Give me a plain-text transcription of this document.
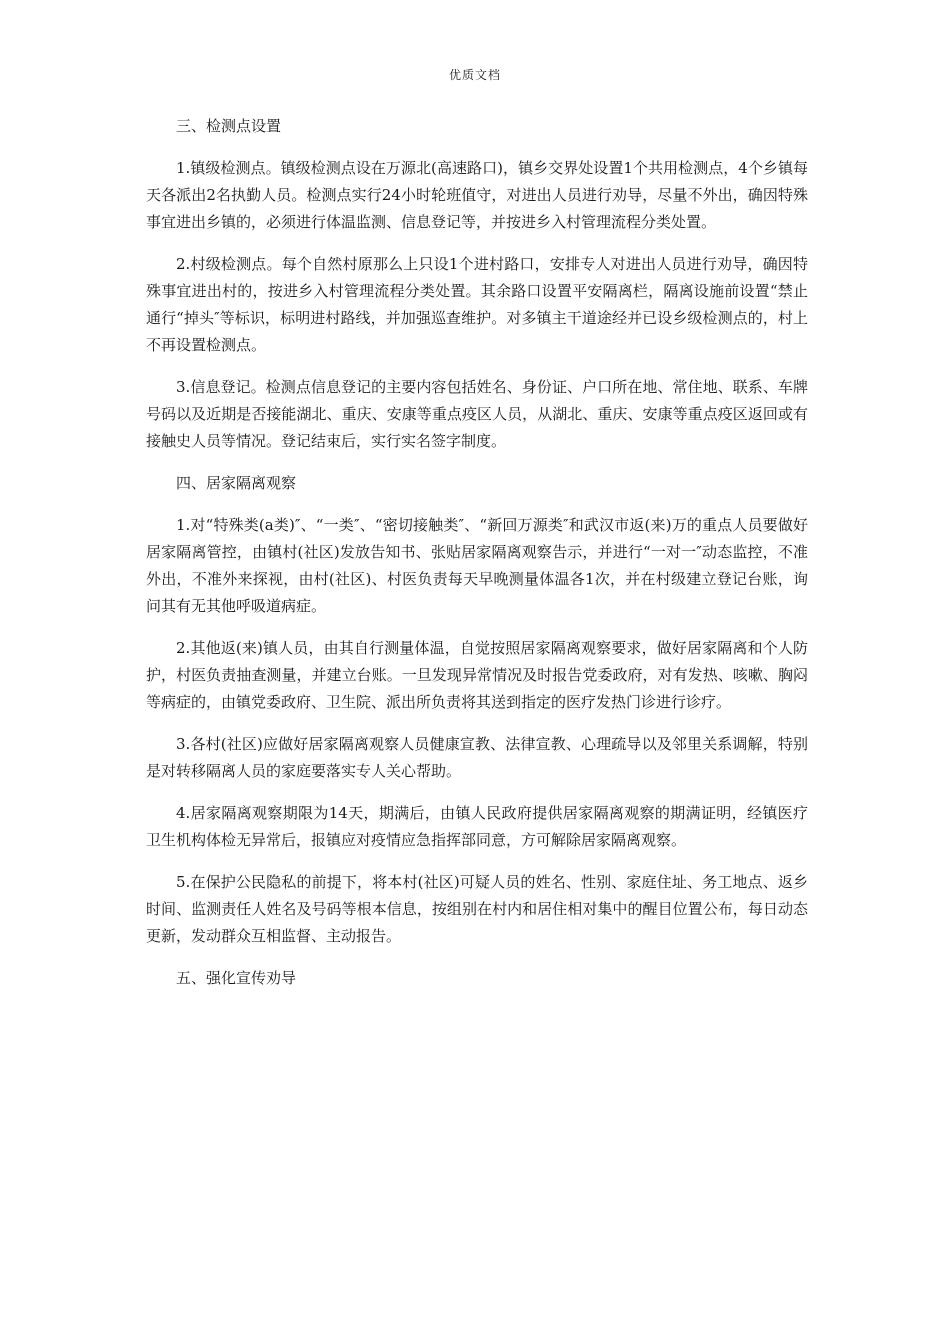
优质文档
三、检测点设置
1.镇级检测点。镇级检测点设在万源北(高速路口)，镇乡交界处设置1个共用检测点，4个乡镇每天各派出2名执勤人员。检测点实行24小时轮班值守，对进出人员进行劝导，尽量不外出，确因特殊事宜进出乡镇的，必须进行体温监测、信息登记等，并按进乡入村管理流程分类处置。
2.村级检测点。每个自然村原那么上只设1个进村路口，安排专人对进出人员进行劝导，确因特殊事宜进出村的，按进乡入村管理流程分类处置。其余路口设置平安隔离栏，隔离设施前设置“禁止通行“掉头″等标识，标明进村路线，并加强巡查维护。对多镇主干道途经并已设乡级检测点的，村上不再设置检测点。
3.信息登记。检测点信息登记的主要内容包括姓名、身份证、户口所在地、常住地、联系、车牌号码以及近期是否接能湖北、重庆、安康等重点疫区人员，从湖北、重庆、安康等重点疫区返回或有接触史人员等情况。登记结束后，实行实名签字制度。
四、居家隔离观察
1.对“特殊类(a类)″、“一类″、“密切接触类″、“新回万源类″和武汉市返(来)万的重点人员要做好居家隔离管控，由镇村(社区)发放告知书、张贴居家隔离观察告示，并进行“一对一″动态监控，不准外出，不准外来探视，由村(社区)、村医负责每天早晚测量体温各1次，并在村级建立登记台账，询问其有无其他呼吸道病症。
2.其他返(来)镇人员，由其自行测量体温，自觉按照居家隔离观察要求，做好居家隔离和个人防护，村医负责抽查测量，并建立台账。一旦发现异常情况及时报告党委政府，对有发热、咳嗽、胸闷等病症的，由镇党委政府、卫生院、派出所负责将其送到指定的医疗发热门诊进行诊疗。
3.各村(社区)应做好居家隔离观察人员健康宣教、法律宣教、心理疏导以及邻里关系调解，特别是对转移隔离人员的家庭要落实专人关心帮助。
4.居家隔离观察期限为14天，期满后，由镇人民政府提供居家隔离观察的期满证明，经镇医疗卫生机构体检无异常后，报镇应对疫情应急指挥部同意，方可解除居家隔离观察。
5.在保护公民隐私的前提下，将本村(社区)可疑人员的姓名、性别、家庭住址、务工地点、返乡时间、监测责任人姓名及号码等根本信息，按组别在村内和居住相对集中的醒目位置公布，每日动态更新，发动群众互相监督、主动报告。
五、强化宣传劝导
